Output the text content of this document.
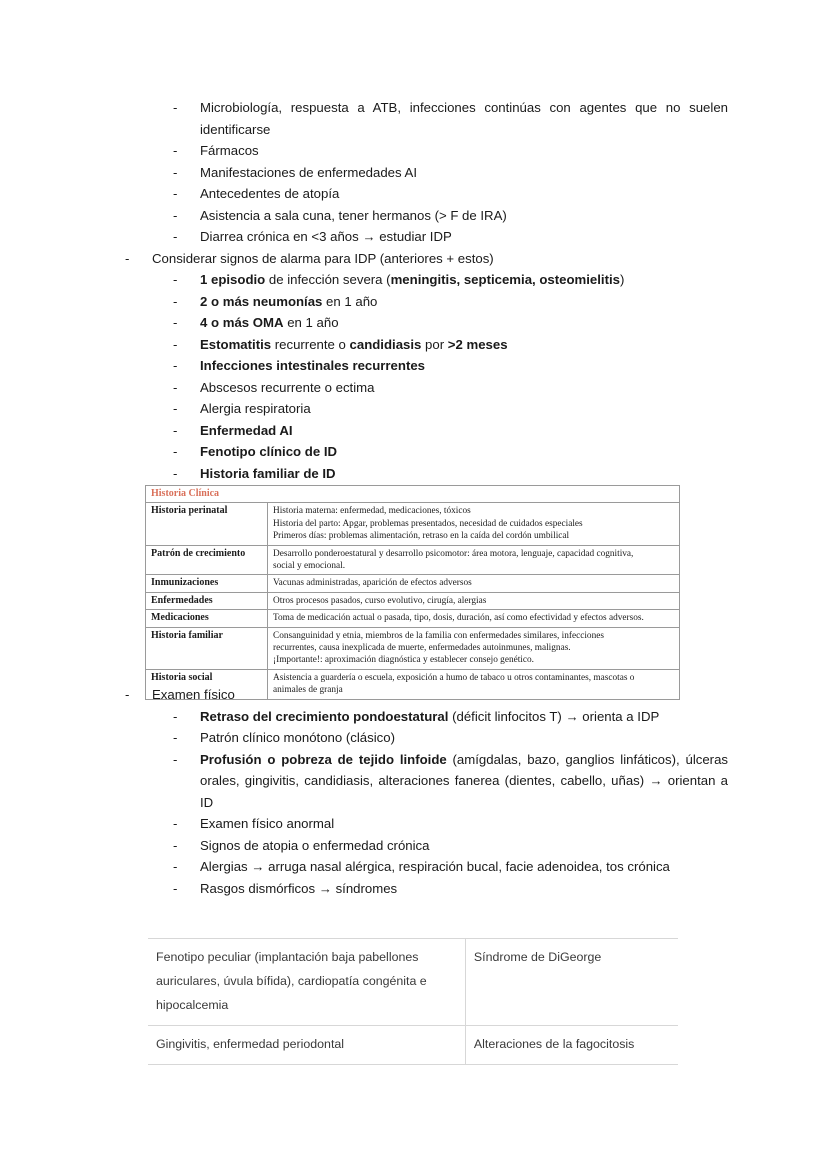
-	Microbiología, respuesta a ATB, infecciones continúas con agentes que no suelen identificarse
-	Fármacos
-	Manifestaciones de enfermedades AI
-	Antecedentes de atopía
-	Asistencia a sala cuna, tener hermanos (> F de IRA)
-	Diarrea crónica en <3 años → estudiar IDP
-	Considerar signos de alarma para IDP (anteriores + estos)
-	1 episodio de infección severa (meningitis, septicemia, osteomielitis)
-	2 o más neumonías en 1 año
-	4 o más OMA en 1 año
-	Estomatitis recurrente o candidiasis por >2 meses
-	Infecciones intestinales recurrentes
-	Abscesos recurrente o ectima
-	Alergia respiratoria
-	Enfermedad AI
-	Fenotipo clínico de ID
-	Historia familiar de ID
Historia Clínica	
Historia perinatal	Historia materna: enfermedad, medicaciones, tóxicos
Historia del parto: Apgar, problemas presentados, necesidad de cuidados especiales
Primeros días: problemas alimentación, retraso en la caída del cordón umbilical

Patrón de crecimiento	Desarrollo ponderoestatural y desarrollo psicomotor: área motora, lenguaje, capacidad cognitiva,
social y emocional.

Inmunizaciones	Vacunas administradas, aparición de efectos adversos

Enfermedades	Otros procesos pasados, curso evolutivo, cirugía, alergias

Medicaciones	Toma de medicación actual o pasada, tipo, dosis, duración, así como efectividad y efectos adversos.

Historia familiar	Consanguinidad y etnia, miembros de la familia con enfermedades similares, infecciones
recurrentes, causa inexplicada de muerte, enfermedades autoinmunes, malignas.
¡Importante!: aproximación diagnóstica y establecer consejo genético.

Historia social	Asistencia a guardería o escuela, exposición a humo de tabaco u otros contaminantes, mascotas o
animales de granja
-	Examen físico
-	Retraso del crecimiento pondoestatural (déficit linfocitos T) → orienta a IDP
-	Patrón clínico monótono (clásico)
-	Profusión o pobreza de tejido linfoide (amígdalas, bazo, ganglios linfáticos), úlceras orales, gingivitis, candidiasis, alteraciones fanerea (dientes, cabello, uñas) → orientan a ID
-	Examen físico anormal
-	Signos de atopia o enfermedad crónica
-	Alergias → arruga nasal alérgica, respiración bucal, facie adenoidea, tos crónica
-	Rasgos dismórficos → síndromes
Fenotipo peculiar (implantación baja pabellones auriculares, úvula bífida), cardiopatía congénita e hipocalcemia	Síndrome de DiGeorge
Gingivitis, enfermedad periodontal	Alteraciones de la fagocitosis
